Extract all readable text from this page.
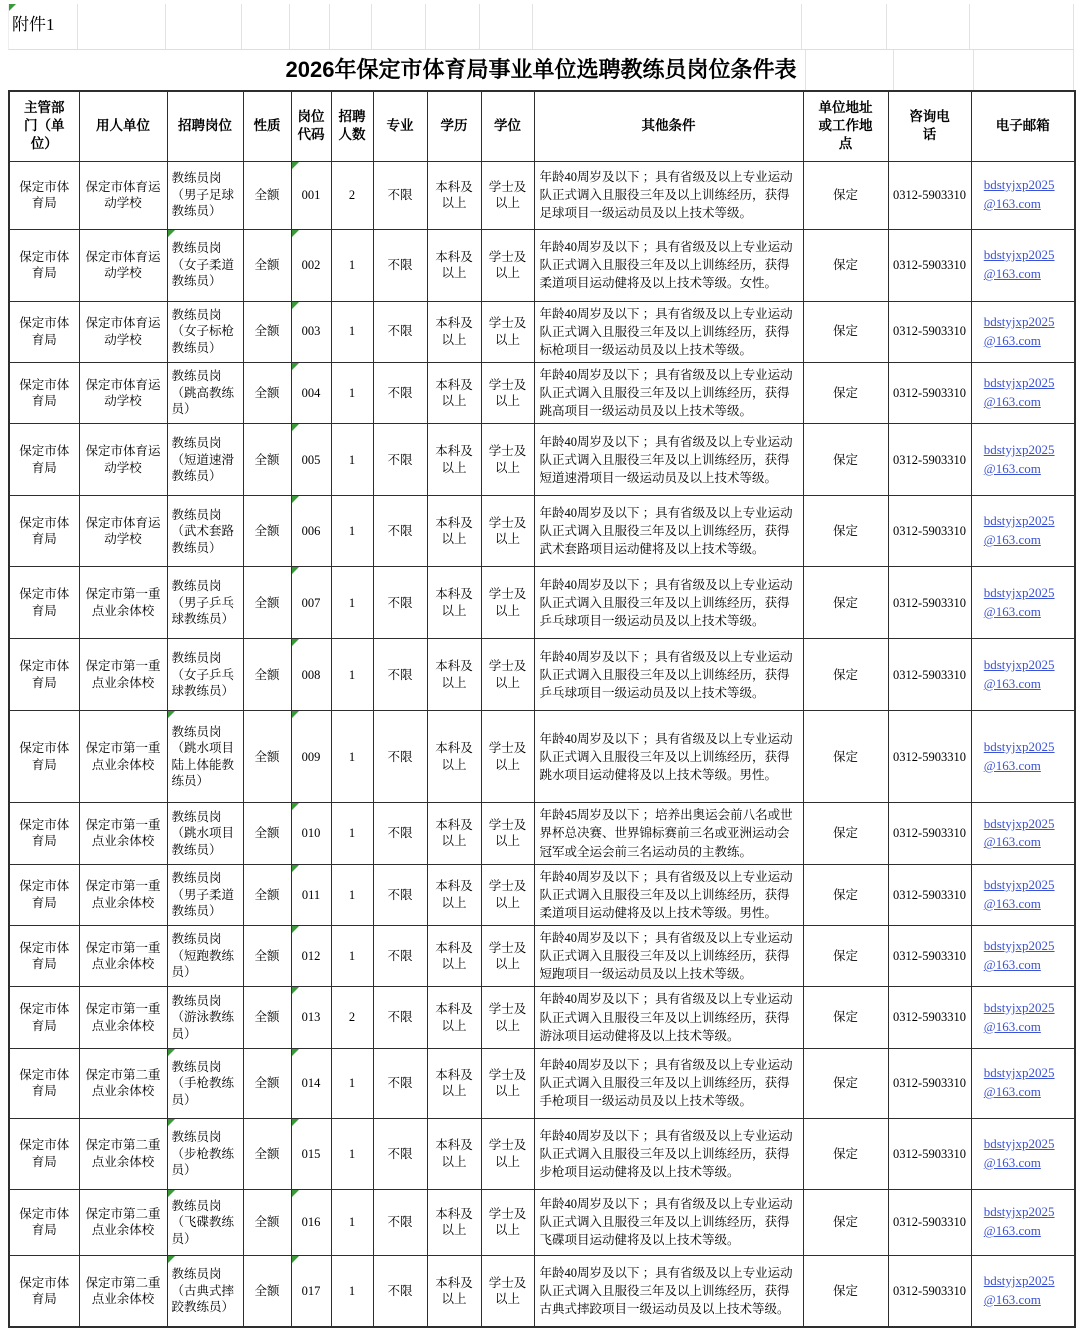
附件1
2026年保定市体育局事业单位选聘教练员岗位条件表
主管部门（单位）	用人单位	招聘岗位	性质	岗位代码	招聘人数	专业	学历	学位	其他条件	单位地址或工作地点	咨询电话	电子邮箱
保定市体育局	保定市体育运动学校	教练员岗（男子足球教练员）	全额	001	2	不限	本科及以上	学士及以上	年龄40周岁及以下 ；具有省级及以上专业运动队正式调入且服役三年及以上训练经历，获得足球项目一级运动员及以上技术等级。	保定	0312-5903310	bdstyjxp2025@163.com
保定市体育局	保定市体育运动学校	教练员岗（女子柔道教练员）	全额	002	1	不限	本科及以上	学士及以上	年龄40周岁及以下 ；具有省级及以上专业运动队正式调入且服役三年及以上训练经历，获得柔道项目运动健将及以上技术等级。女性。	保定	0312-5903310	bdstyjxp2025@163.com
保定市体育局	保定市体育运动学校	教练员岗（女子标枪教练员）	全额	003	1	不限	本科及以上	学士及以上	年龄40周岁及以下 ；具有省级及以上专业运动队正式调入且服役三年及以上训练经历，获得标枪项目一级运动员及以上技术等级。	保定	0312-5903310	bdstyjxp2025@163.com
保定市体育局	保定市体育运动学校	教练员岗（跳高教练员）	全额	004	1	不限	本科及以上	学士及以上	年龄40周岁及以下 ；具有省级及以上专业运动队正式调入且服役三年及以上训练经历，获得跳高项目一级运动员及以上技术等级。	保定	0312-5903310	bdstyjxp2025@163.com
保定市体育局	保定市体育运动学校	教练员岗（短道速滑教练员）	全额	005	1	不限	本科及以上	学士及以上	年龄40周岁及以下 ；具有省级及以上专业运动队正式调入且服役三年及以上训练经历，获得短道速滑项目一级运动员及以上技术等级。	保定	0312-5903310	bdstyjxp2025@163.com
保定市体育局	保定市体育运动学校	教练员岗（武术套路教练员）	全额	006	1	不限	本科及以上	学士及以上	年龄40周岁及以下 ；具有省级及以上专业运动队正式调入且服役三年及以上训练经历，获得武术套路项目运动健将及以上技术等级。	保定	0312-5903310	bdstyjxp2025@163.com
保定市体育局	保定市第一重点业余体校	教练员岗（男子乒乓球教练员）	全额	007	1	不限	本科及以上	学士及以上	年龄40周岁及以下 ；具有省级及以上专业运动队正式调入且服役三年及以上训练经历，获得乒乓球项目一级运动员及以上技术等级。	保定	0312-5903310	bdstyjxp2025@163.com
保定市体育局	保定市第一重点业余体校	教练员岗（女子乒乓球教练员）	全额	008	1	不限	本科及以上	学士及以上	年龄40周岁及以下 ；具有省级及以上专业运动队正式调入且服役三年及以上训练经历，获得乒乓球项目一级运动员及以上技术等级。	保定	0312-5903310	bdstyjxp2025@163.com
保定市体育局	保定市第一重点业余体校	教练员岗（跳水项目陆上体能教练员）	全额	009	1	不限	本科及以上	学士及以上	年龄40周岁及以下 ；具有省级及以上专业运动队正式调入且服役三年及以上训练经历，获得跳水项目运动健将及以上技术等级。男性。	保定	0312-5903310	bdstyjxp2025@163.com
保定市体育局	保定市第一重点业余体校	教练员岗（跳水项目教练员）	全额	010	1	不限	本科及以上	学士及以上	年龄45周岁及以下 ；培养出奥运会前八名或世界杯总决赛、世界锦标赛前三名或亚洲运动会冠军或全运会前三名运动员的主教练。	保定	0312-5903310	bdstyjxp2025@163.com
保定市体育局	保定市第一重点业余体校	教练员岗（男子柔道教练员）	全额	011	1	不限	本科及以上	学士及以上	年龄40周岁及以下 ；具有省级及以上专业运动队正式调入且服役三年及以上训练经历，获得柔道项目运动健将及以上技术等级。男性。	保定	0312-5903310	bdstyjxp2025@163.com
保定市体育局	保定市第一重点业余体校	教练员岗（短跑教练员）	全额	012	1	不限	本科及以上	学士及以上	年龄40周岁及以下 ；具有省级及以上专业运动队正式调入且服役三年及以上训练经历，获得短跑项目一级运动员及以上技术等级。	保定	0312-5903310	bdstyjxp2025@163.com
保定市体育局	保定市第一重点业余体校	教练员岗（游泳教练员）	全额	013	2	不限	本科及以上	学士及以上	年龄40周岁及以下 ；具有省级及以上专业运动队正式调入且服役三年及以上训练经历，获得游泳项目运动健将及以上技术等级。	保定	0312-5903310	bdstyjxp2025@163.com
保定市体育局	保定市第二重点业余体校	教练员岗（手枪教练员）	全额	014	1	不限	本科及以上	学士及以上	年龄40周岁及以下 ；具有省级及以上专业运动队正式调入且服役三年及以上训练经历，获得手枪项目一级运动员及以上技术等级。	保定	0312-5903310	bdstyjxp2025@163.com
保定市体育局	保定市第二重点业余体校	教练员岗（步枪教练员）	全额	015	1	不限	本科及以上	学士及以上	年龄40周岁及以下 ；具有省级及以上专业运动队正式调入且服役三年及以上训练经历，获得步枪项目运动健将及以上技术等级。	保定	0312-5903310	bdstyjxp2025@163.com
保定市体育局	保定市第二重点业余体校	教练员岗（飞碟教练员）	全额	016	1	不限	本科及以上	学士及以上	年龄40周岁及以下 ；具有省级及以上专业运动队正式调入且服役三年及以上训练经历，获得飞碟项目运动健将及以上技术等级。	保定	0312-5903310	bdstyjxp2025@163.com
保定市体育局	保定市第二重点业余体校	教练员岗（古典式摔跤教练员）	全额	017	1	不限	本科及以上	学士及以上	年龄40周岁及以下 ；具有省级及以上专业运动队正式调入且服役三年及以上训练经历，获得古典式摔跤项目一级运动员及以上技术等级。	保定	0312-5903310	bdstyjxp2025@163.com
